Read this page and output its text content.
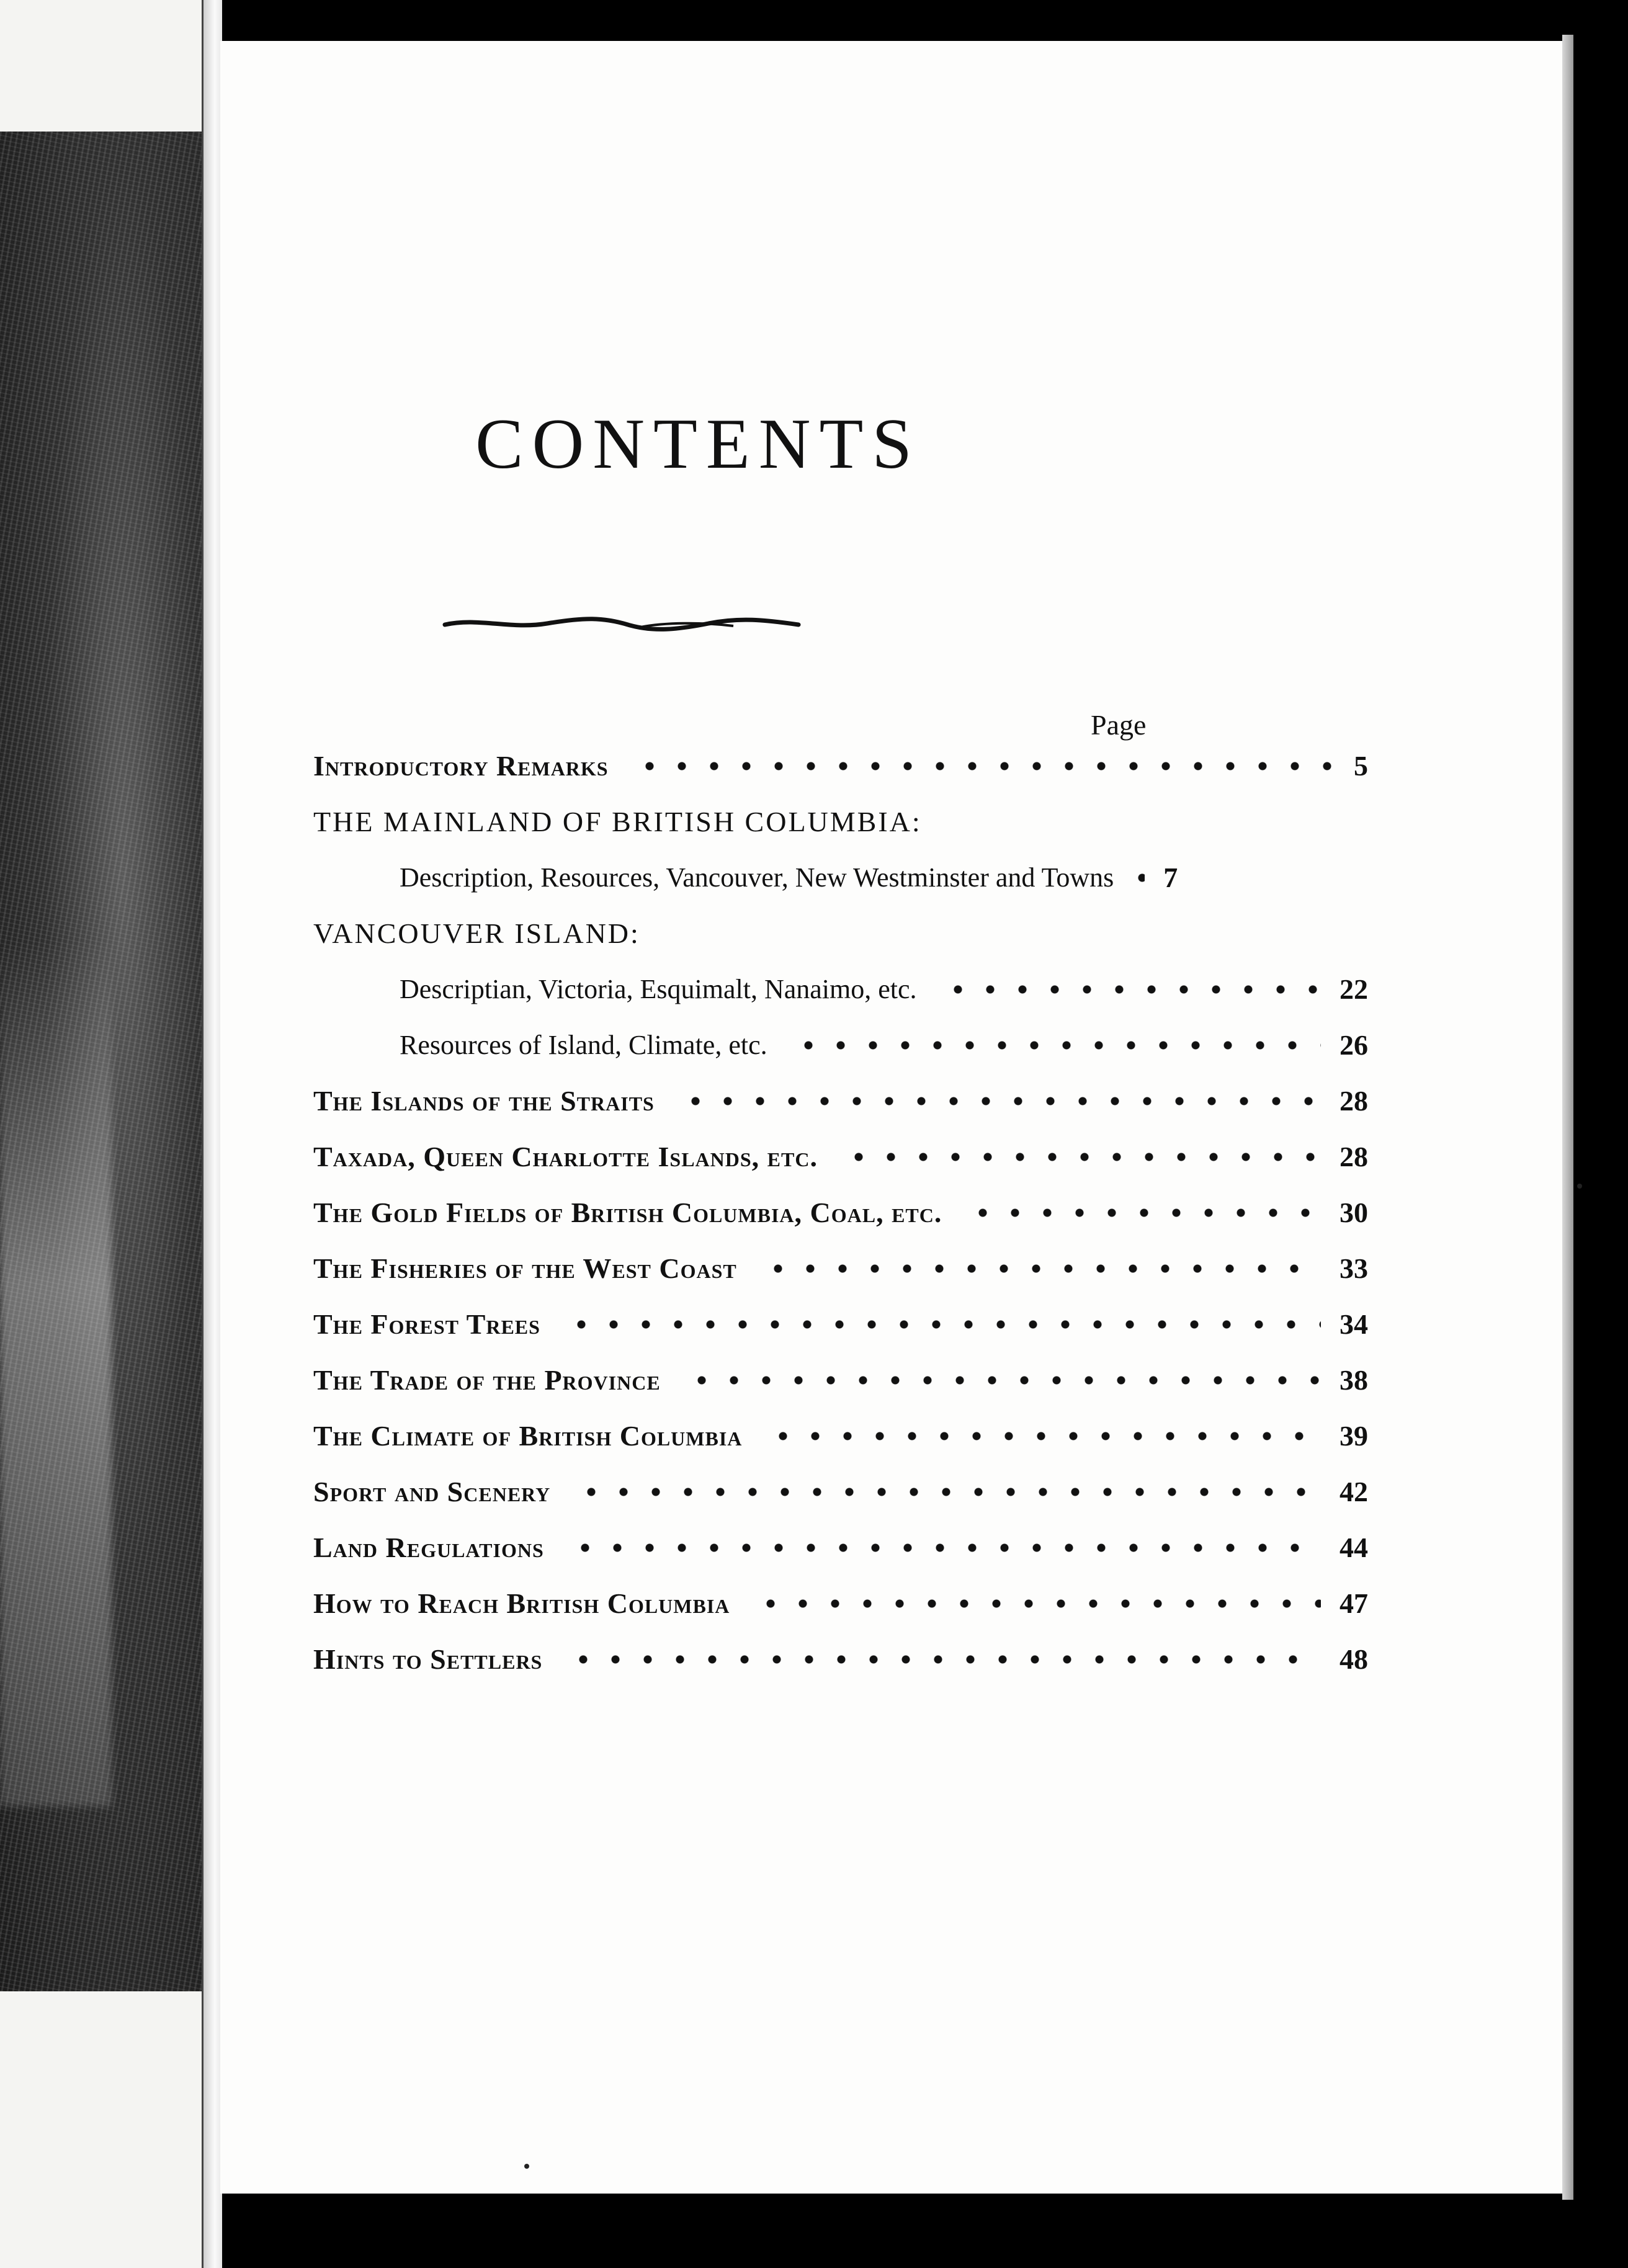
CONTENTS
Page
Introductory Remarks	5
THE MAINLAND OF BRITISH COLUMBIA:
Description, Resources, Vancouver, New Westminster and Towns 7
VANCOUVER ISLAND:
Descriptian, Victoria, Esquimalt, Nanaimo, etc.	22
Resources of Island, Climate, etc.	26
The Islands of the Straits	28
Taxada, Queen Charlotte Islands, etc.	28
The Gold Fields of British Columbia, Coal, etc.	30
The Fisheries of the West Coast	33
The Forest Trees	34
The Trade of the Province	38
The Climate of British Columbia	39
Sport and Scenery	42
Land Regulations	44
How to Reach British Columbia	47
Hints to Settlers	48
